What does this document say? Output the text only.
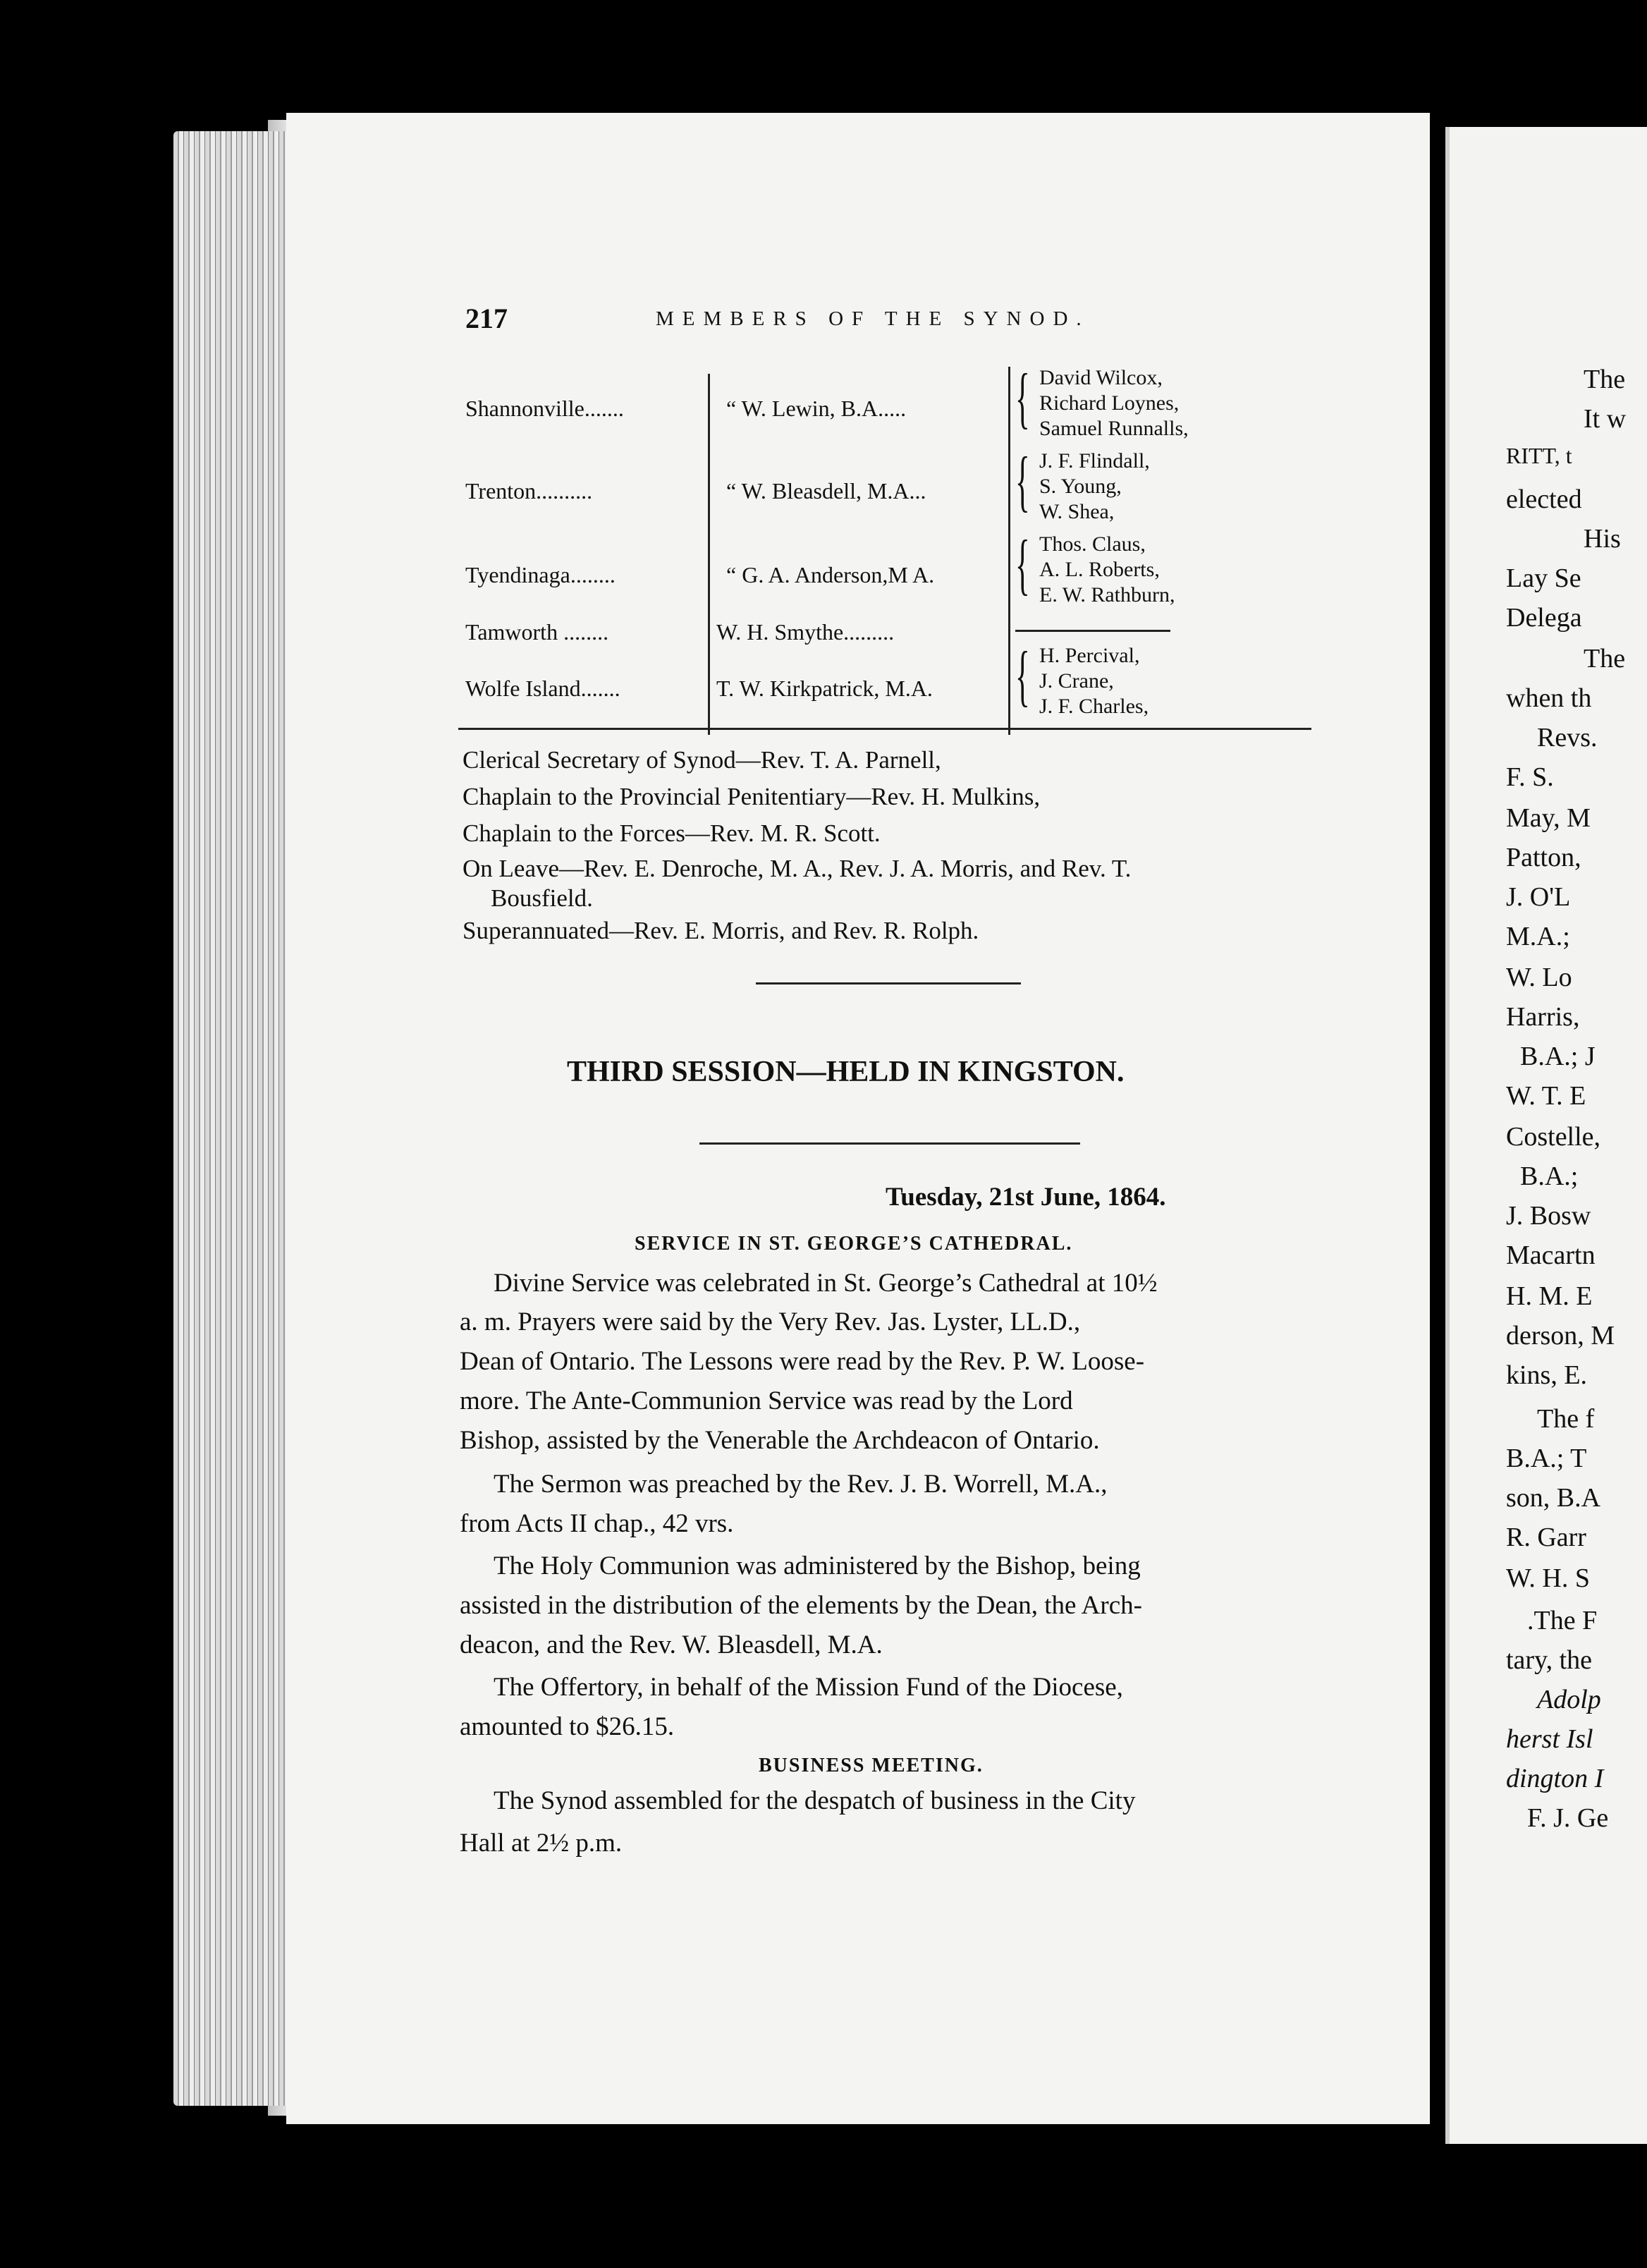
217	MEMBERS OF THE SYNOD.
Shannonville.......	“ W. Lewin, B.A..... { David Wilcox,
Richard Loynes,
Samuel Runnalls,
Trenton..........	“ W. Bleasdell, M.A... { J. F. Flindall,
S. Young,
W. Shea,
Tyendinaga........	“ G. A. Anderson,M A. { Thos. Claus,
A. L. Roberts,
E. W. Rathburn,
Tamworth ........	W. H. Smythe.........
Wolfe Island.......	T. W. Kirkpatrick, M.A. { H. Percival,
J. Crane,
J. F. Charles,
Clerical Secretary of Synod—Rev. T. A. Parnell,
Chaplain to the Provincial Penitentiary—Rev. H. Mulkins,
Chaplain to the Forces—Rev. M. R. Scott.
On Leave—Rev. E. Denroche, M. A., Rev. J. A. Morris, and Rev. T.
Bousfield.
Superannuated—Rev. E. Morris, and Rev. R. Rolph.
THIRD SESSION—HELD IN KINGSTON.
Tuesday, 21st June, 1864.
SERVICE IN ST. GEORGE’S CATHEDRAL.
Divine Service was celebrated in St. George’s Cathedral at 10½
a. m. Prayers were said by the Very Rev. Jas. Lyster, LL.D.,
Dean of Ontario. The Lessons were read by the Rev. P. W. Loose-
more. The Ante-Communion Service was read by the Lord
Bishop, assisted by the Venerable the Archdeacon of Ontario.
The Sermon was preached by the Rev. J. B. Worrell, M.A.,
from Acts II chap., 42 vrs.
The Holy Communion was administered by the Bishop, being
assisted in the distribution of the elements by the Dean, the Arch-
deacon, and the Rev. W. Bleasdell, M.A.
The Offertory, in behalf of the Mission Fund of the Diocese,
amounted to $26.15.
BUSINESS MEETING.
The Synod assembled for the despatch of business in the City
Hall at 2½ p.m.
The
It w
RITT, t
elected
His
Lay Se
Delega
The
when th
Revs.
F. S.
May, M
Patton,
J. O'L
M.A.;
W. Lo
Harris,
B.A.; J
W. T. E
Costelle,
B.A.;
J. Bosw
Macartn
H. M. E
derson, M
kins, E.
The f
B.A.; T
son, B.A
R. Garr
W. H. S
.The F
tary, the
Adolp
herst Isl
dington I
F. J. Ge
